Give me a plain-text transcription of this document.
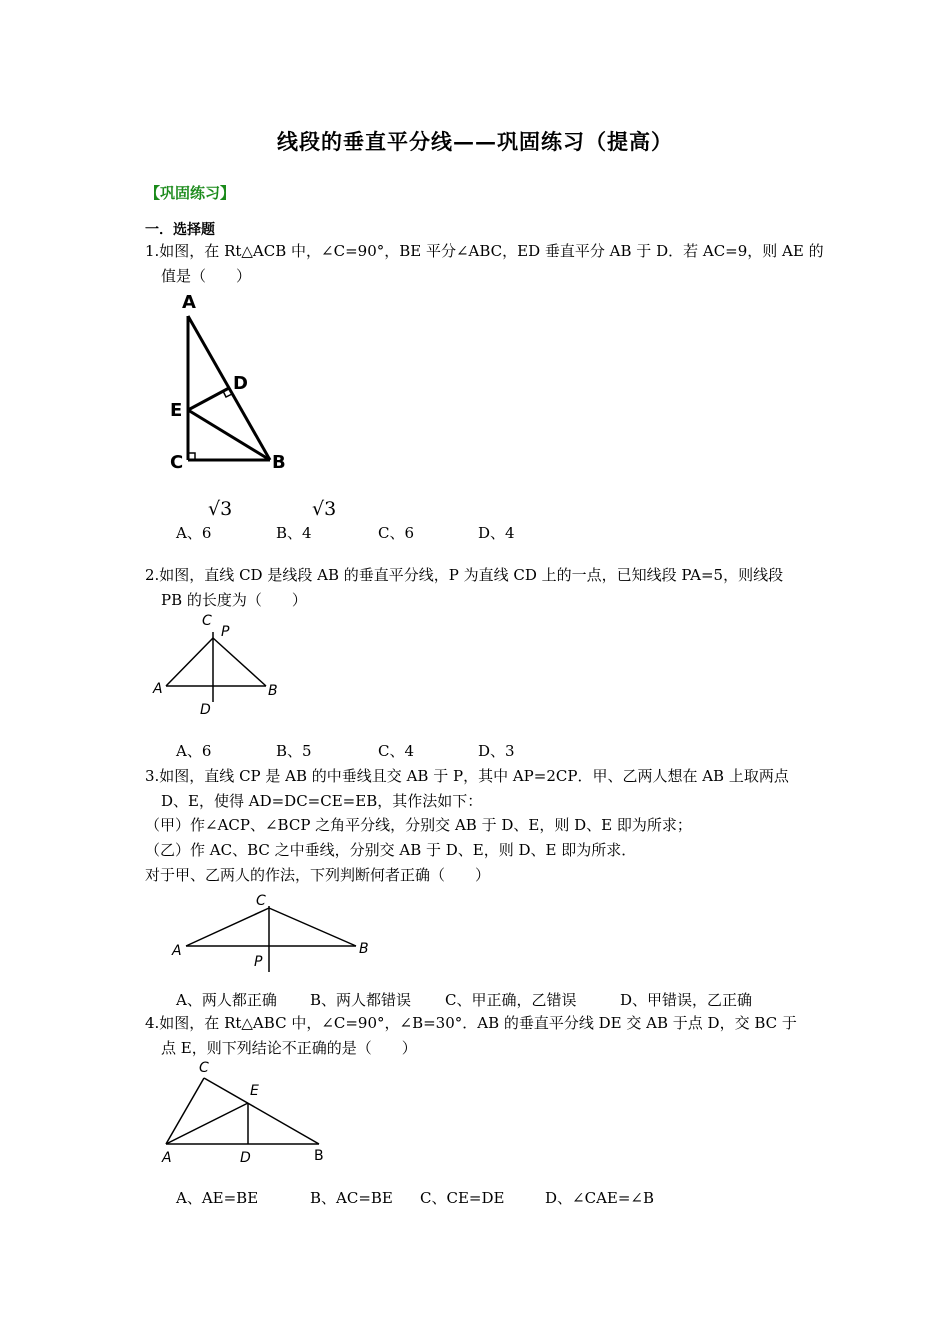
线段的垂直平分线——巩固练习（提高）
【巩固练习】
一．选择题
1.如图，在 Rt△ACB 中，∠C=90°，BE 平分∠ABC，ED 垂直平分 AB 于 D．若 AC=9，则 AE 的
值是（　　）
A
D
E
C	B
A、6
√3
B、4
√3
C、6	D、4
2.如图，直线 CD 是线段 AB 的垂直平分线，P 为直线 CD 上的一点，已知线段 PA=5，则线段
PB 的长度为（　　）
C
P
A	B
D
A、6	B、5	C、4	D、3
3.如图，直线 CP 是 AB 的中垂线且交 AB 于 P，其中 AP=2CP．甲、乙两人想在 AB 上取两点
D、E，使得 AD=DC=CE=EB，其作法如下：
（甲）作∠ACP、∠BCP 之角平分线，分别交 AB 于 D、E，则 D、E 即为所求；
（乙）作 AC、BC 之中垂线，分别交 AB 于 D、E，则 D、E 即为所求．
对于甲、乙两人的作法，下列判断何者正确（　　）
C
A	B
P
A、两人都正确 B、两人都错误 C、甲正确，乙错误	D、甲错误，乙正确
4.如图，在 Rt△ABC 中，∠C=90°，∠B=30°．AB 的垂直平分线 DE 交 AB 于点 D，交 BC 于
点 E，则下列结论不正确的是（　　）
C
E
A	D	B
A、AE=BE	B、AC=BE C、CE=DE	D、∠CAE=∠B
